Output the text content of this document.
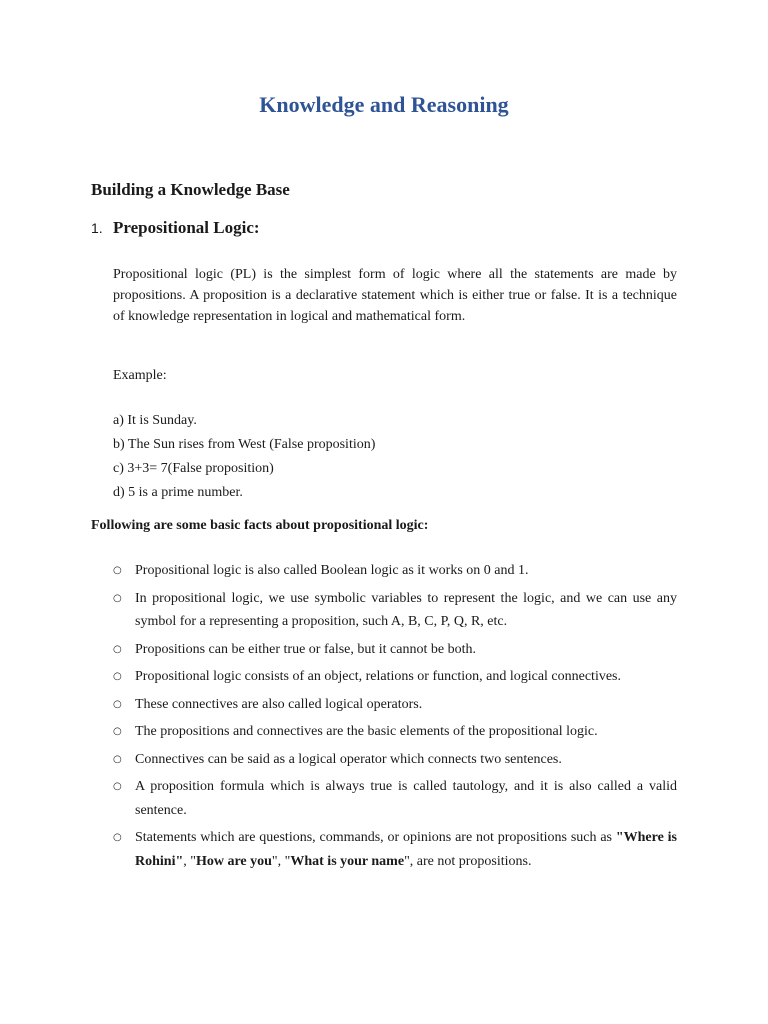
Knowledge and Reasoning
Building a Knowledge Base
1. Prepositional Logic:
Propositional logic (PL) is the simplest form of logic where all the statements are made by propositions. A proposition is a declarative statement which is either true or false. It is a technique of knowledge representation in logical and mathematical form.
Example:
a) It is Sunday.
b) The Sun rises from West (False proposition)
c) 3+3= 7(False proposition)
d) 5 is a prime number.
Following are some basic facts about propositional logic:
○ Propositional logic is also called Boolean logic as it works on 0 and 1.
○ In propositional logic, we use symbolic variables to represent the logic, and we can use any symbol for a representing a proposition, such A, B, C, P, Q, R, etc.
○ Propositions can be either true or false, but it cannot be both.
○ Propositional logic consists of an object, relations or function, and logical connectives.
○ These connectives are also called logical operators.
○ The propositions and connectives are the basic elements of the propositional logic.
○ Connectives can be said as a logical operator which connects two sentences.
○ A proposition formula which is always true is called tautology, and it is also called a valid sentence.
○ Statements which are questions, commands, or opinions are not propositions such as "Where is Rohini", "How are you", "What is your name", are not propositions.
